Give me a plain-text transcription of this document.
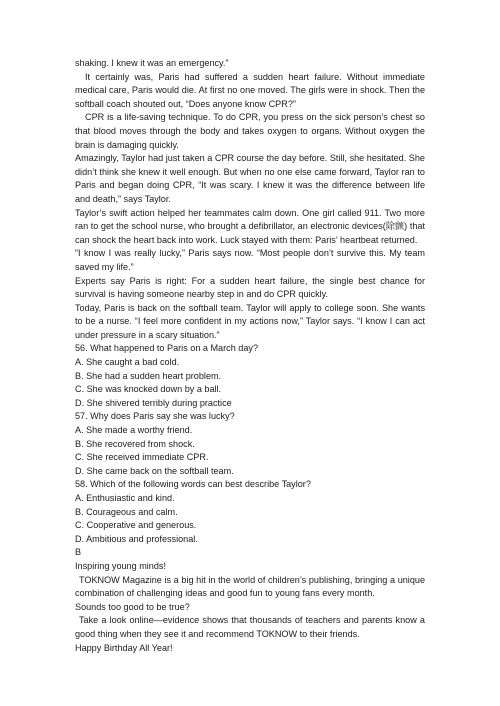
shaking. I knew it was an emergency.”

It certainly was, Paris had suffered a sudden heart failure. Without immediate medical care, Paris would die. At first no one moved. The girls were in shock. Then the softball coach shouted out, “Does anyone know CPR?”

CPR is a life-saving technique. To do CPR, you press on the sick person’s chest so that blood moves through the body and takes oxygen to organs. Without oxygen the brain is damaging quickly.

Amazingly, Taylor had just taken a CPR course the day before. Still, she hesitated. She didn’t think she knew it well enough. But when no one else came forward, Taylor ran to Paris and began doing CPR, “It was scary. I knew it was the difference between life and death,” says Taylor.

Taylor’s swift action helped her teammates calm down. One girl called 911. Two more ran to get the school nurse, who brought a defibrillator, an electronic devices(除颤) that can shock the heart back into work. Luck stayed with them: Paris’ heartbeat returned.

“I know I was really lucky,” Paris says now. “Most people don’t survive this. My team saved my life.”

Experts say Paris is right: For a sudden heart failure, the single best chance for survival is having someone nearby step in and do CPR quickly.

Today, Paris is back on the softball team. Taylor will apply to college soon. She wants to be a nurse. “I feel more confident in my actions now,” Taylor says. “I know I can act under pressure in a scary situation.”

56. What happened to Paris on a March day?

A. She caught a bad cold.

B. She had a sudden heart problem.

C. She was knocked down by a ball.

D. She shivered terribly during practice

57. Why does Paris say she was lucky?

A. She made a worthy friend.

B. She recovered from shock.

C. She received immediate CPR.

D. She came back on the softball team.

58. Which of the following words can best describe Taylor?

A. Enthusiastic and kind.

B. Courageous and calm.

C. Cooperative and generous.

D. Ambitious and professional.

B

Inspiring young minds!

TOKNOW Magazine is a big hit in the world of children’s publishing, bringing a unique combination of challenging ideas and good fun to young fans every month.

Sounds too good to be true?

Take a look online—evidence shows that thousands of teachers and parents know a good thing when they see it and recommend TOKNOW to their friends.

Happy Birthday All Year!
